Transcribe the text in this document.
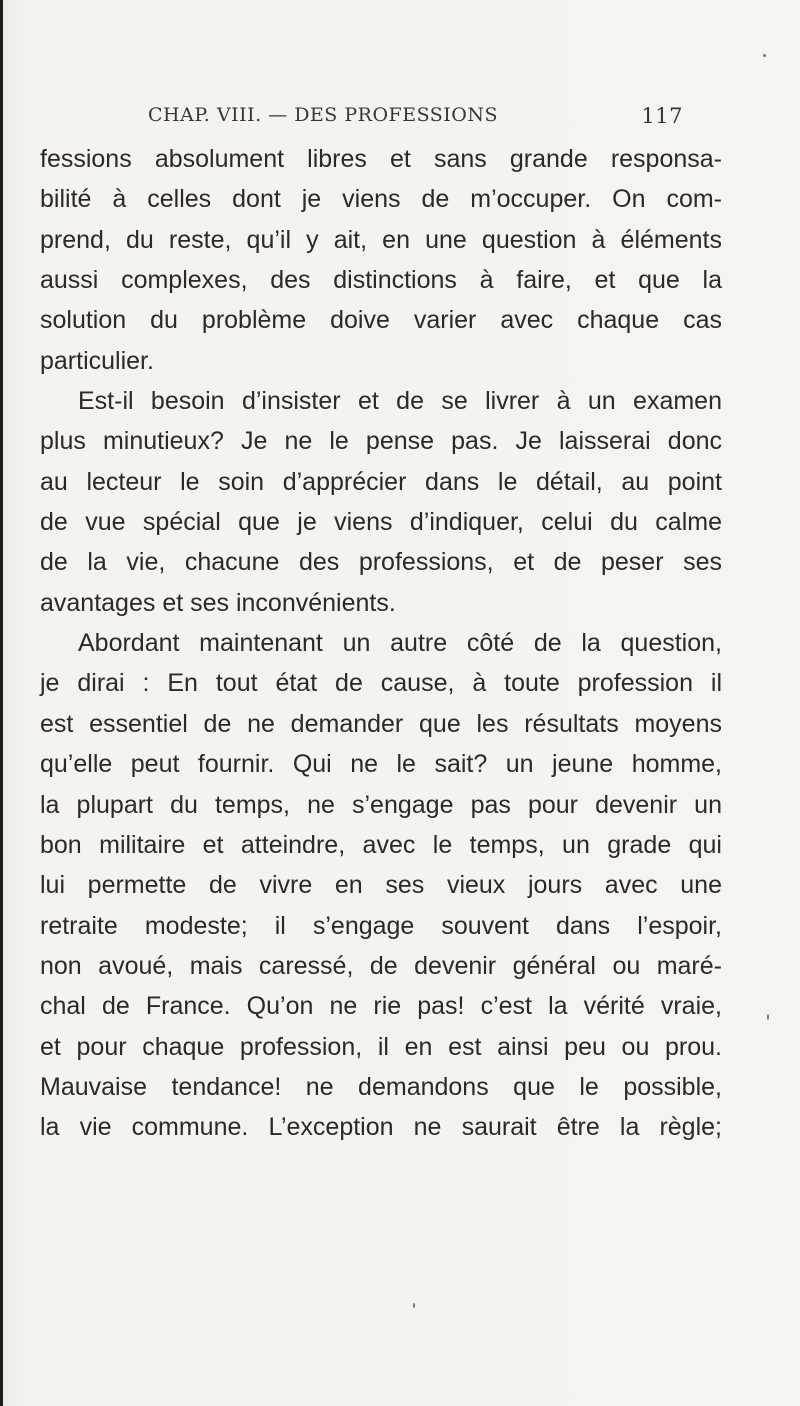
CHAP. VIII. — DES PROFESSIONS	117
fessions absolument libres et sans grande responsa-
bilité à celles dont je viens de m’occuper. On com-
prend, du reste, qu’il y ait, en une question à éléments
aussi complexes, des distinctions à faire, et que la
solution du problème doive varier avec chaque cas
particulier.
Est-il besoin d’insister et de se livrer à un examen
plus minutieux? Je ne le pense pas. Je laisserai donc
au lecteur le soin d’apprécier dans le détail, au point
de vue spécial que je viens d’indiquer, celui du calme
de la vie, chacune des professions, et de peser ses
avantages et ses inconvénients.
Abordant maintenant un autre côté de la question,
je dirai : En tout état de cause, à toute profession il
est essentiel de ne demander que les résultats moyens
qu’elle peut fournir. Qui ne le sait? un jeune homme,
la plupart du temps, ne s’engage pas pour devenir un
bon militaire et atteindre, avec le temps, un grade qui
lui permette de vivre en ses vieux jours avec une
retraite modeste; il s’engage souvent dans l’espoir,
non avoué, mais caressé, de devenir général ou maré-
chal de France. Qu’on ne rie pas! c’est la vérité vraie,
et pour chaque profession, il en est ainsi peu ou prou.
Mauvaise tendance! ne demandons que le possible,
la vie commune. L’exception ne saurait être la règle;
